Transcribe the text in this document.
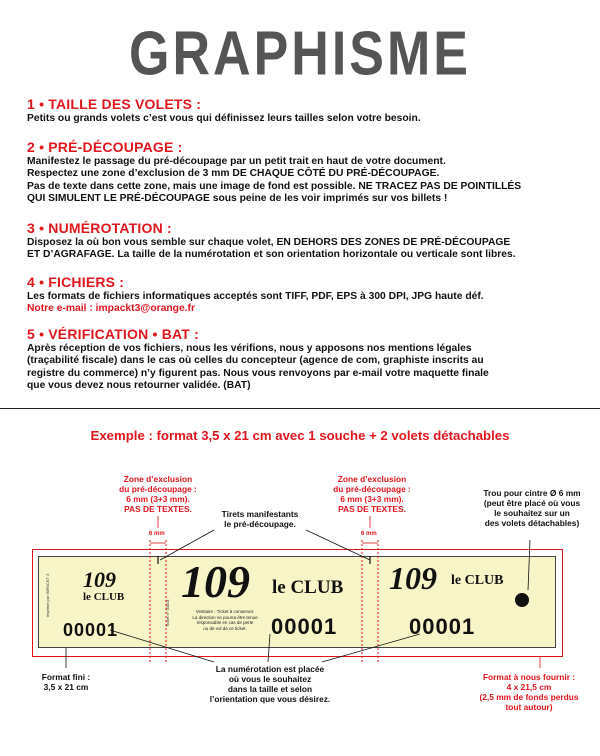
GRAPHISME
1 • TAILLE DES VOLETS :

Petits ou grands volets c’est vous qui définissez leurs tailles selon votre besoin.

2 • PRÉ-DÉCOUPAGE :

Manifestez le passage du pré-découpage par un petit trait en haut de votre document.

Respectez une zone d’exclusion de 3 mm DE CHAQUE CÔTÉ DU PRÉ-DÉCOUPAGE.

Pas de texte dans cette zone, mais une image de fond est possible. NE TRACEZ PAS DE POINTILLÉS

QUI SIMULENT LE PRÉ-DÉCOUPAGE sous peine de les voir imprimés sur vos billets !

3 • NUMÉROTATION :

Disposez la où bon vous semble sur chaque volet, EN DEHORS DES ZONES DE PRÉ-DÉCOUPAGE

ET D’AGRAFAGE. La taille de la numérotation et son orientation horizontale ou verticale sont libres.

4 • FICHIERS :

Les formats de fichiers informatiques acceptés sont TIFF, PDF, EPS à 300 DPI, JPG haute déf.

Notre e-mail : impackt3@orange.fr

5 • VÉRIFICATION • BAT :

Après réception de vos fichiers, nous les vérifions, nous y apposons nos mentions légales

(traçabilité fiscale) dans le cas où celles du concepteur (agence de com, graphiste inscrits au

registre du commerce) n’y figurent pas. Nous vous renvoyons par e-mail votre maquette finale

que vous devez nous retourner validée. (BAT)

Exemple : format 3,5 x 21 cm avec 1 souche + 2 volets détachables
Zone d’exclusion
du pré-découpage :
6 mm (3+3 mm).
PAS DE TEXTES.	Tirets manifestants
le pré-découpage.
Zone d’exclusion
du pré-découpage :
6 mm (3+3 mm).
PAS DE TEXTES.
Trou pour cintre Ø 6 mm
(peut être placé où vous
le souhaitez sur un
des volets détachables)
6 mm	6 mm
Imprimé par IMPACKT 3	Ticket n° 00001
109
le CLUB
00001
109 le CLUB
Vestiaire : Ticket à conserver.
La direction ne pourra être tenue
responsable en cas de perte
ou de vol de ce ticket.	00001
109 le CLUB
00001
Format fini :
3,5 x 21 cm
La numérotation est placée
où vous le souhaitez
dans la taille et selon
l’orientation que vous désirez.
Format à nous fournir :
4 x 21,5 cm
(2,5 mm de fonds perdus
tout autour)
